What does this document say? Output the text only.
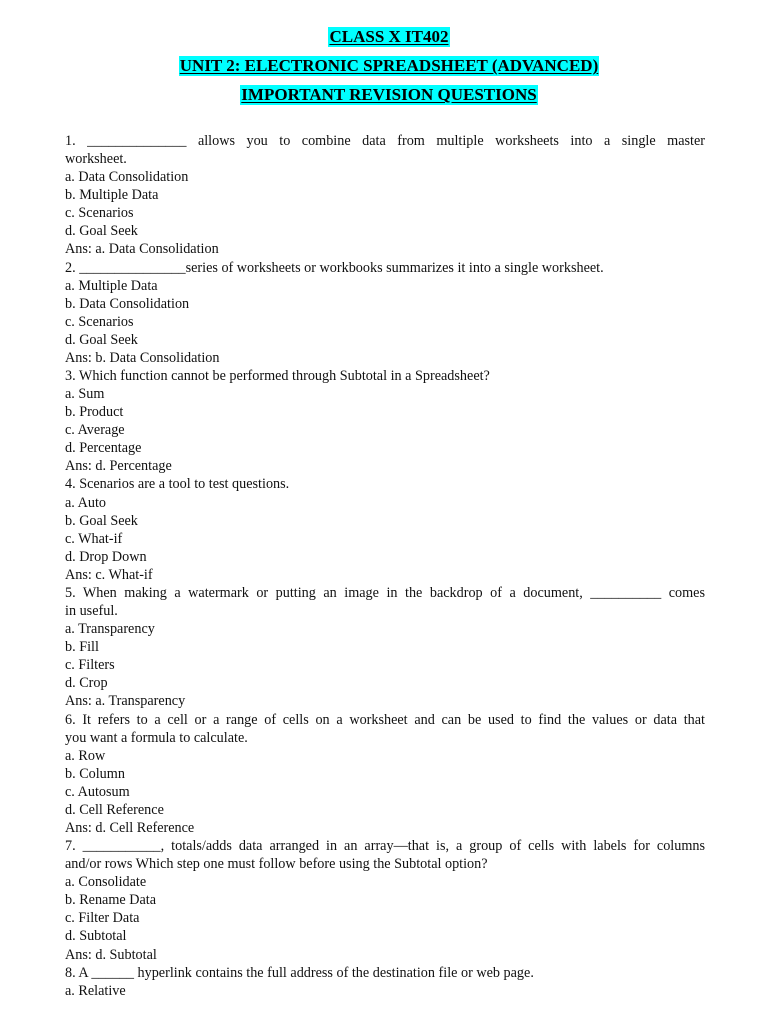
CLASS X IT402
UNIT 2: ELECTRONIC SPREADSHEET (ADVANCED)
IMPORTANT REVISION QUESTIONS
1. ______________ allows you to combine data from multiple worksheets into a single master
worksheet.
a. Data Consolidation
b. Multiple Data
c. Scenarios
d. Goal Seek
Ans: a. Data Consolidation
2. _______________series of worksheets or workbooks summarizes it into a single worksheet.
a. Multiple Data
b. Data Consolidation
c. Scenarios
d. Goal Seek
Ans: b. Data Consolidation
3. Which function cannot be performed through Subtotal in a Spreadsheet?
a. Sum
b. Product
c. Average
d. Percentage
Ans: d. Percentage
4. Scenarios are a tool to test questions.
a. Auto
b. Goal Seek
c. What-if
d. Drop Down
Ans: c. What-if
5. When making a watermark or putting an image in the backdrop of a document, __________ comes
in useful.
a. Transparency
b. Fill
c. Filters
d. Crop
Ans: a. Transparency
6. It refers to a cell or a range of cells on a worksheet and can be used to find the values or data that
you want a formula to calculate.
a. Row
b. Column
c. Autosum
d. Cell Reference
Ans: d. Cell Reference
7. ___________, totals/adds data arranged in an array—that is, a group of cells with labels for columns
and/or rows Which step one must follow before using the Subtotal option?
a. Consolidate
b. Rename Data
c. Filter Data
d. Subtotal
Ans: d. Subtotal
8. A ______ hyperlink contains the full address of the destination file or web page.
a. Relative
